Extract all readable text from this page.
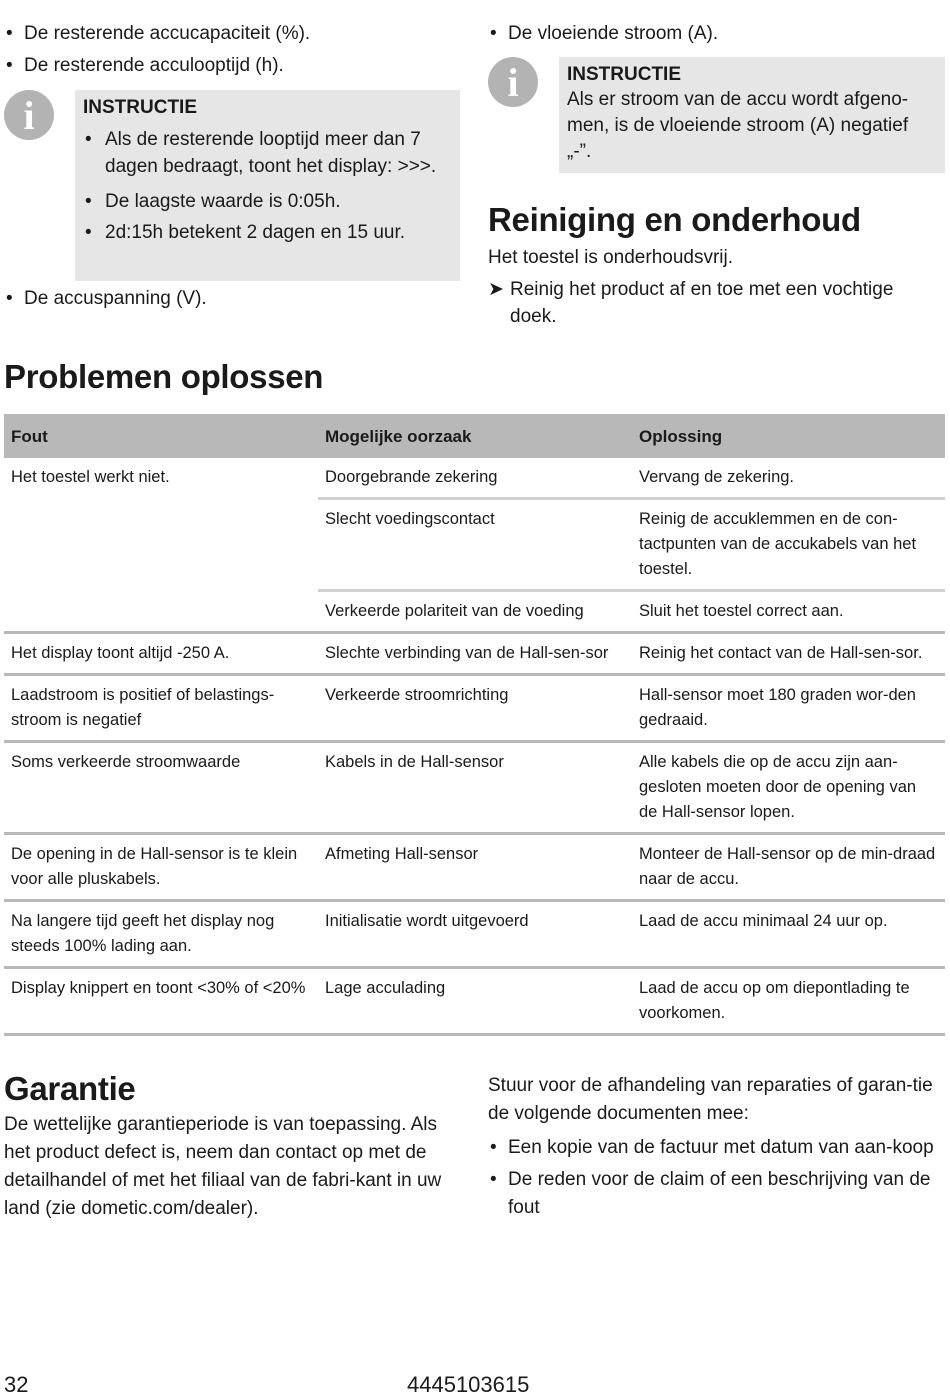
• De resterende accucapaciteit (%).
• De resterende acculooptijd (h).
i	INSTRUCTIE
• Als de resterende looptijd meer dan 7 dagen bedraagt, toont het display: >>>.
• De laagste waarde is 0:05h.
• 2d:15h betekent 2 dagen en 15 uur.
• De accuspanning (V).
• De vloeiende stroom (A).
i	INSTRUCTIE
Als er stroom van de accu wordt afgeno-men, is de vloeiende stroom (A) negatief „-”.
Reiniging en onderhoud
Het toestel is onderhoudsvrij.
➤ Reinig het product af en toe met een vochtige doek.
Problemen oplossen
Fout	Mogelijke oorzaak	Oplossing
Het toestel werkt niet.	Doorgebrande zekering	Vervang de zekering.
	Slecht voedingscontact	Reinig de accuklemmen en de con-tactpunten van de accukabels van het toestel.
	Verkeerde polariteit van de voeding	Sluit het toestel correct aan.
Het display toont altijd -250 A.	Slechte verbinding van de Hall-sen-sor	Reinig het contact van de Hall-sen-sor.
Laadstroom is positief of belastings-stroom is negatief	Verkeerde stroomrichting	Hall-sensor moet 180 graden wor-den gedraaid.
Soms verkeerde stroomwaarde	Kabels in de Hall-sensor	Alle kabels die op de accu zijn aan-gesloten moeten door de opening van de Hall-sensor lopen.
De opening in de Hall-sensor is te klein voor alle pluskabels.	Afmeting Hall-sensor	Monteer de Hall-sensor op de min-draad naar de accu.
Na langere tijd geeft het display nog steeds 100% lading aan.	Initialisatie wordt uitgevoerd	Laad de accu minimaal 24 uur op.
Display knippert en toont <30% of <20%	Lage acculading	Laad de accu op om diepontlading te voorkomen.
Garantie
De wettelijke garantieperiode is van toepassing. Als het product defect is, neem dan contact op met de detailhandel of met het filiaal van de fabri-kant in uw land (zie dometic.com/dealer).
Stuur voor de afhandeling van reparaties of garan-tie de volgende documenten mee:
• Een kopie van de factuur met datum van aan-koop
• De reden voor de claim of een beschrijving van de fout
32	4445103615
